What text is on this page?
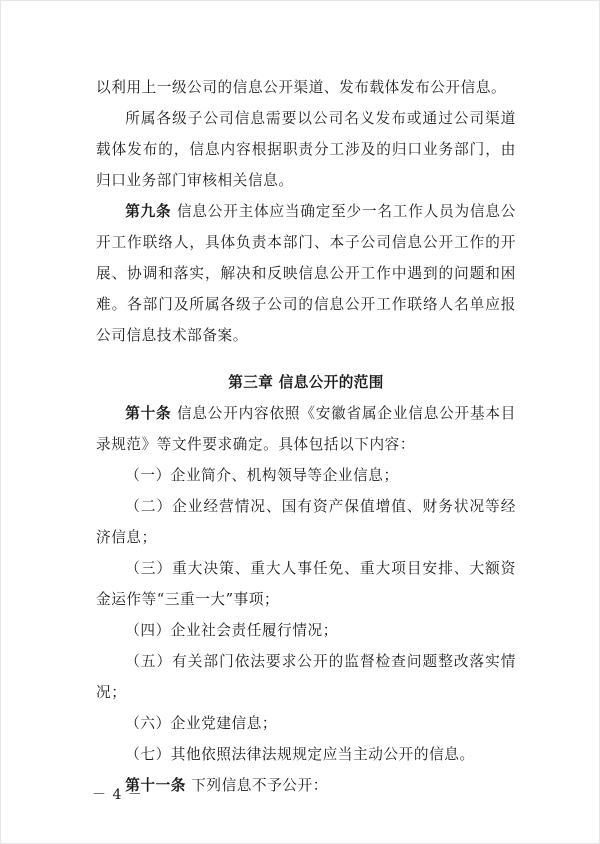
以利用上一级公司的信息公开渠道、发布载体发布公开信息。

所属各级子公司信息需要以公司名义发布或通过公司渠道载体发布的，信息内容根据职责分工涉及的归口业务部门，由归口业务部门审核相关信息。

第九条 信息公开主体应当确定至少一名工作人员为信息公开工作联络人，具体负责本部门、本子公司信息公开工作的开展、协调和落实，解决和反映信息公开工作中遇到的问题和困难。各部门及所属各级子公司的信息公开工作联络人名单应报公司信息技术部备案。

第三章 信息公开的范围

第十条 信息公开内容依照《安徽省属企业信息公开基本目录规范》等文件要求确定。具体包括以下内容：

（一）企业简介、机构领导等企业信息；

（二）企业经营情况、国有资产保值增值、财务状况等经济信息；

（三）重大决策、重大人事任免、重大项目安排、大额资金运作等“三重一大”事项；

（四）企业社会责任履行情况；

（五）有关部门依法要求公开的监督检查问题整改落实情况；

（六）企业党建信息；

（七）其他依照法律法规规定应当主动公开的信息。

第十一条 下列信息不予公开：

－ 4 －
